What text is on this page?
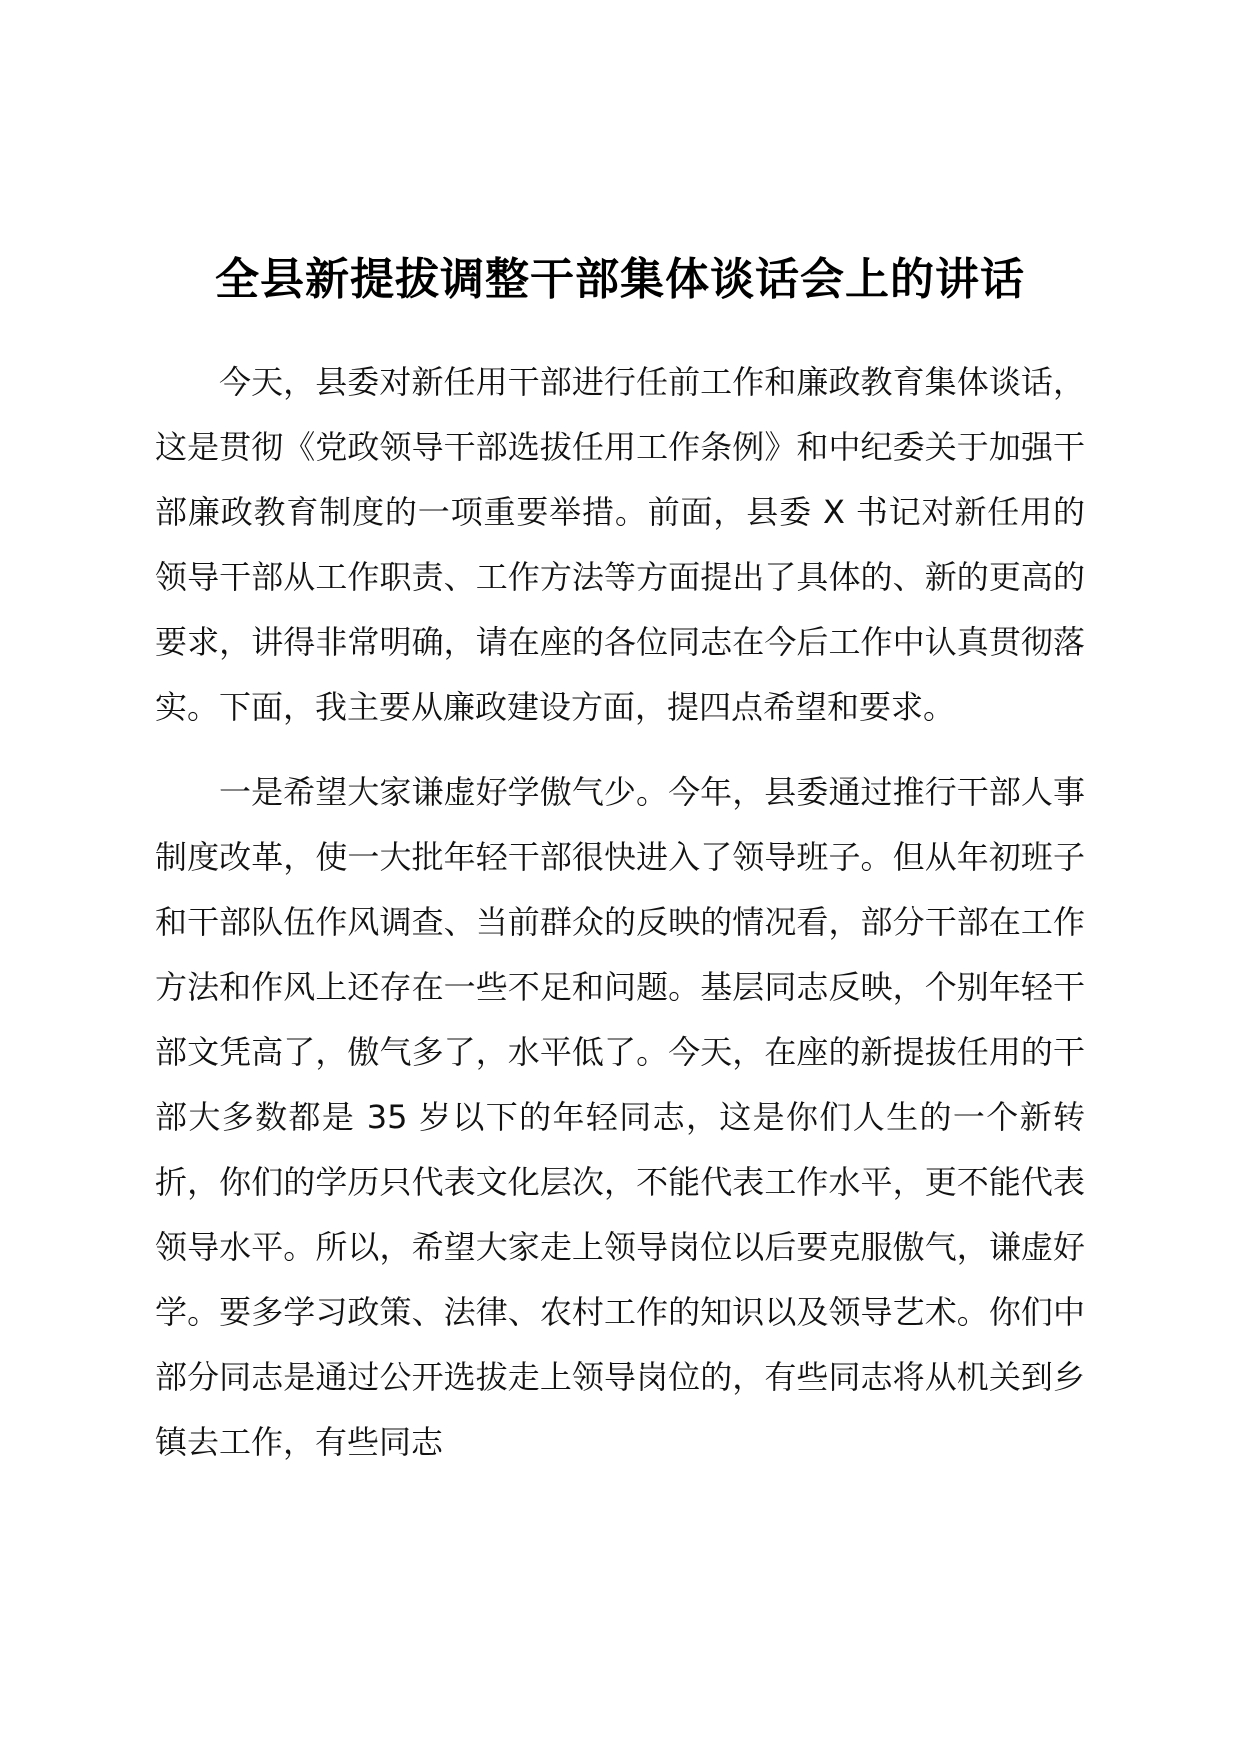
全县新提拔调整干部集体谈话会上的讲话

今天，县委对新任用干部进行任前工作和廉政教育集体谈话，这是贯彻《党政领导干部选拔任用工作条例》和中纪委关于加强干部廉政教育制度的一项重要举措。前面，县委 X 书记对新任用的领导干部从工作职责、工作方法等方面提出了具体的、新的更高的要求，讲得非常明确，请在座的各位同志在今后工作中认真贯彻落实。下面，我主要从廉政建设方面，提四点希望和要求。

一是希望大家谦虚好学傲气少。今年，县委通过推行干部人事制度改革，使一大批年轻干部很快进入了领导班子。但从年初班子和干部队伍作风调查、当前群众的反映的情况看，部分干部在工作方法和作风上还存在一些不足和问题。基层同志反映，个别年轻干部文凭高了，傲气多了，水平低了。今天，在座的新提拔任用的干部大多数都是 35 岁以下的年轻同志，这是你们人生的一个新转折，你们的学历只代表文化层次，不能代表工作水平，更不能代表领导水平。所以，希望大家走上领导岗位以后要克服傲气，谦虚好学。要多学习政策、法律、农村工作的知识以及领导艺术。你们中部分同志是通过公开选拔走上领导岗位的，有些同志将从机关到乡镇去工作，有些同志
